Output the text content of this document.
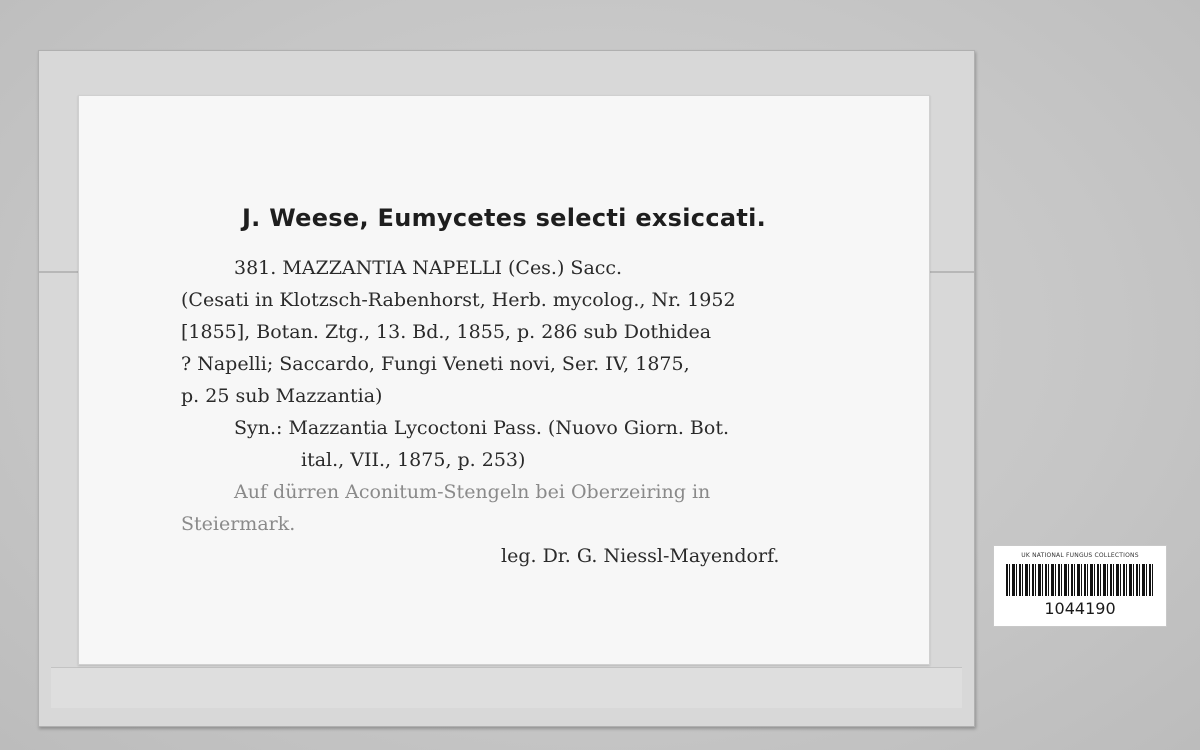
J. Weese, Eumycetes selecti exsiccati.
381. MAZZANTIA NAPELLI (Ces.) Sacc.
(Cesati in Klotzsch-Rabenhorst, Herb. mycolog., Nr. 1952
[1855], Botan. Ztg., 13. Bd., 1855, p. 286 sub Dothidea
? Napelli; Saccardo, Fungi Veneti novi, Ser. IV, 1875,
p. 25 sub Mazzantia)
Syn.: Mazzantia Lycoctoni Pass. (Nuovo Giorn. Bot.
ital., VII., 1875, p. 253)
Auf dürren Aconitum-Stengeln bei Oberzeiring in
Steiermark.
leg. Dr. G. Niessl-Mayendorf.	UK NATIONAL FUNGUS COLLECTIONS
1044190
